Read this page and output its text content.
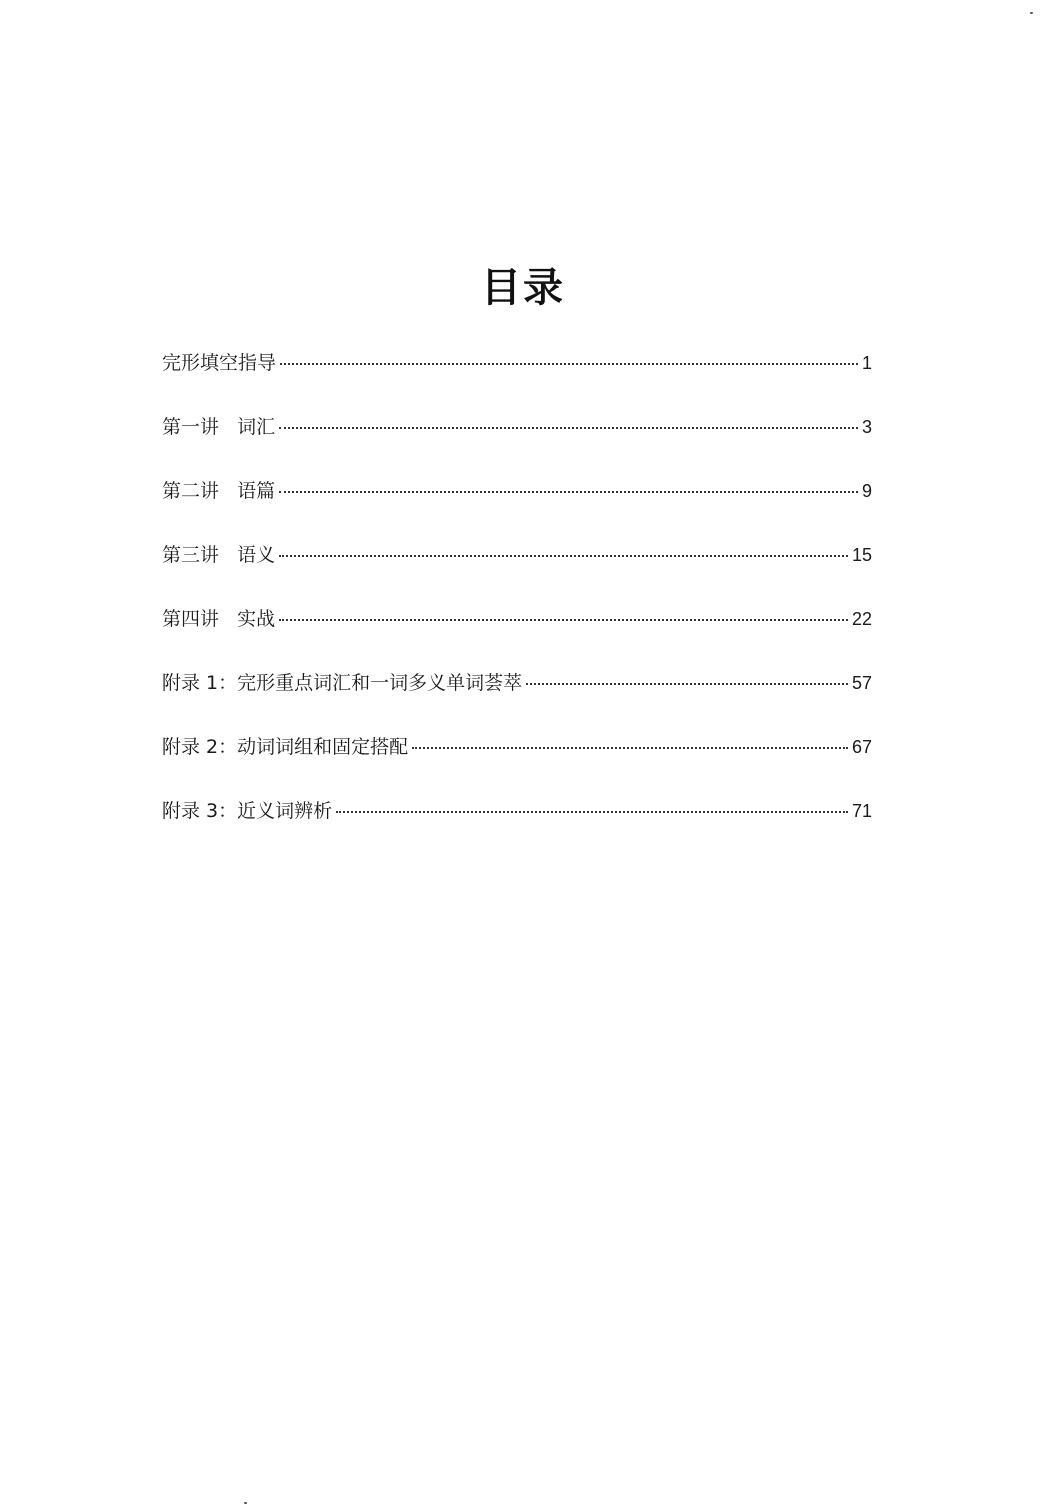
目录
完形填空指导	1
第一讲   词汇	3
第二讲   语篇	9
第三讲   语义	15
第四讲   实战	22
附录 1：完形重点词汇和一词多义单词荟萃	57
附录 2：动词词组和固定搭配	67
附录 3：近义词辨析	71
